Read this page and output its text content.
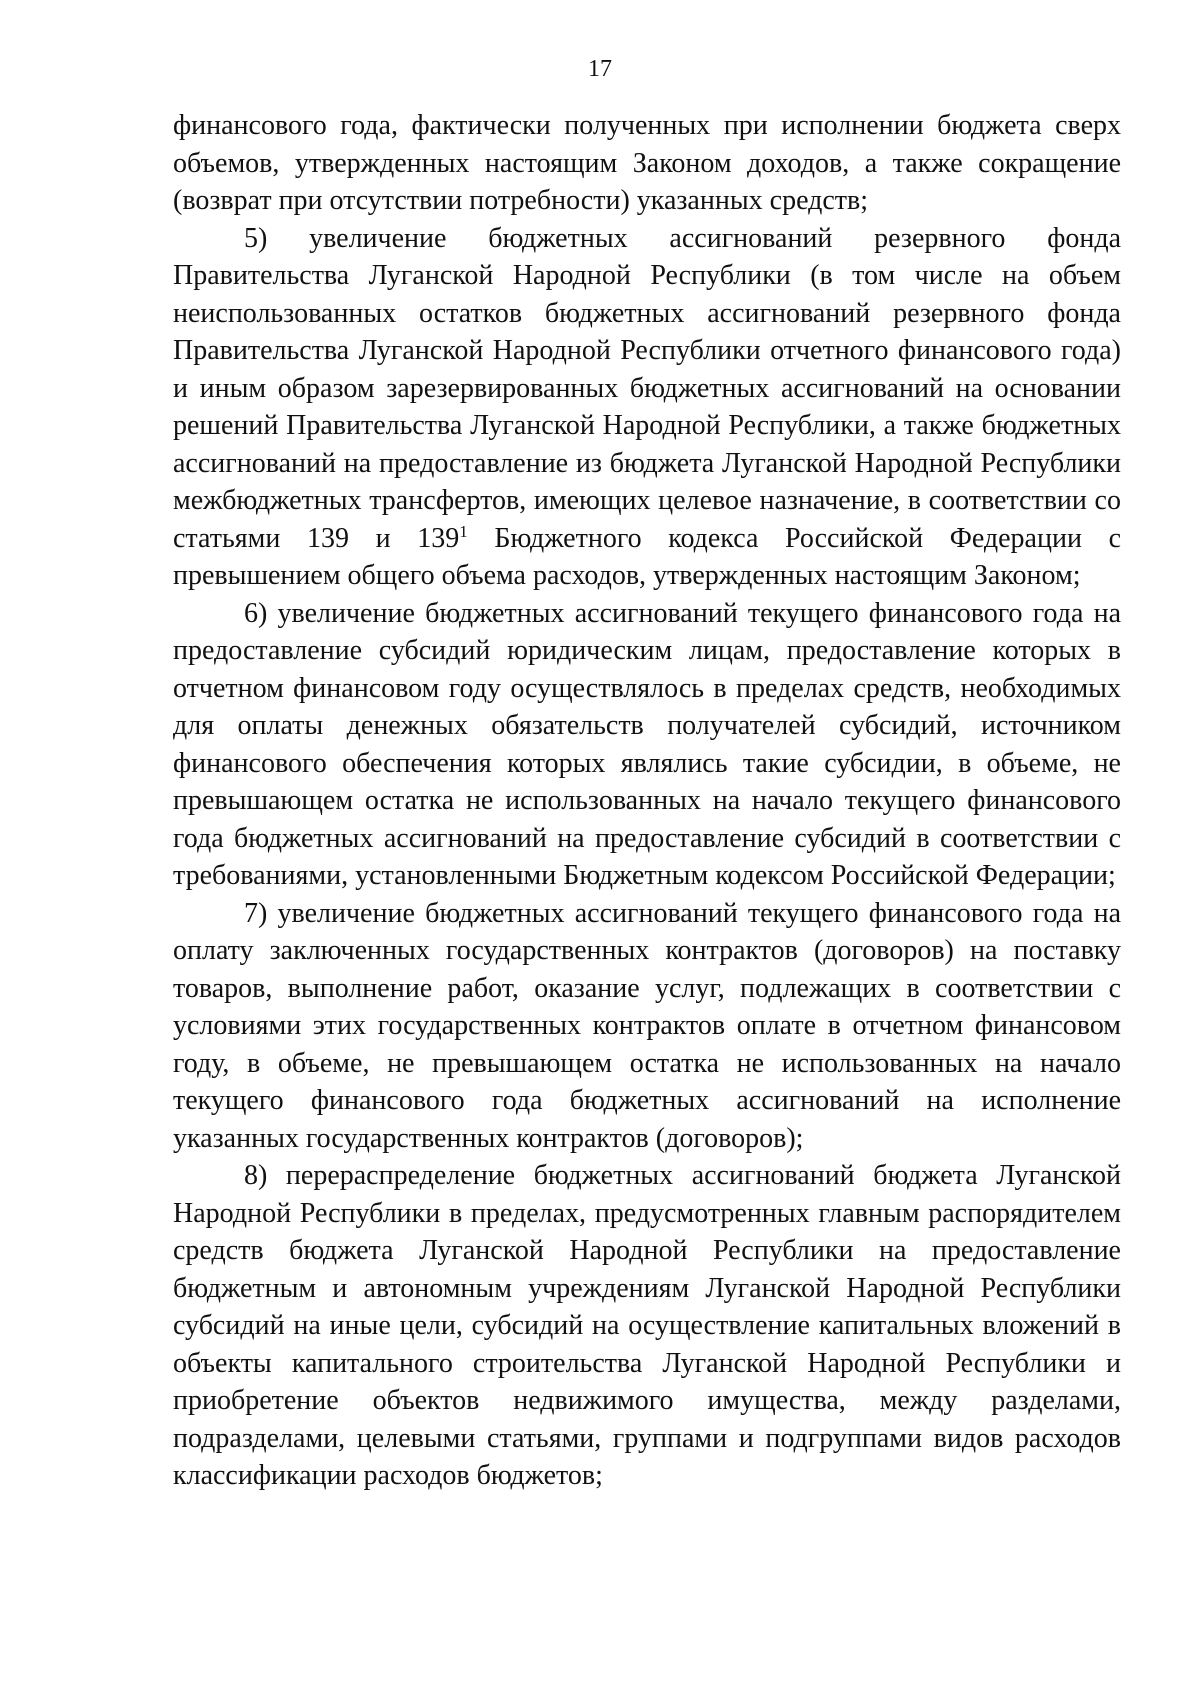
17

финансового года, фактически полученных при исполнении бюджета сверх объемов, утвержденных настоящим Законом доходов, а также сокращение (возврат при отсутствии потребности) указанных средств;

5) увеличение бюджетных ассигнований резервного фонда Правительства Луганской Народной Республики (в том числе на объем неиспользованных остатков бюджетных ассигнований резервного фонда Правительства Луганской Народной Республики отчетного финансового года) и иным образом зарезервированных бюджетных ассигнований на основании решений Правительства Луганской Народной Республики, а также бюджетных ассигнований на предоставление из бюджета Луганской Народной Республики межбюджетных трансфертов, имеющих целевое назначение, в соответствии со статьями 139 и $139^1$ Бюджетного кодекса Российской Федерации с превышением общего объема расходов, утвержденных настоящим Законом;

6) увеличение бюджетных ассигнований текущего финансового года на предоставление субсидий юридическим лицам, предоставление которых в отчетном финансовом году осуществлялось в пределах средств, необходимых для оплаты денежных обязательств получателей субсидий, источником финансового обеспечения которых являлись такие субсидии, в объеме, не превышающем остатка не использованных на начало текущего финансового года бюджетных ассигнований на предоставление субсидий в соответствии с требованиями, установленными Бюджетным кодексом Российской Федерации;

7) увеличение бюджетных ассигнований текущего финансового года на оплату заключенных государственных контрактов (договоров) на поставку товаров, выполнение работ, оказание услуг, подлежащих в соответствии с условиями этих государственных контрактов оплате в отчетном финансовом году, в объеме, не превышающем остатка не использованных на начало текущего финансового года бюджетных ассигнований на исполнение указанных государственных контрактов (договоров);

8) перераспределение бюджетных ассигнований бюджета Луганской Народной Республики в пределах, предусмотренных главным распорядителем средств бюджета Луганской Народной Республики на предоставление бюджетным и автономным учреждениям Луганской Народной Республики субсидий на иные цели, субсидий на осуществление капитальных вложений в объекты капитального строительства Луганской Народной Республики и приобретение объектов недвижимого имущества, между разделами, подразделами, целевыми статьями, группами и подгруппами видов расходов классификации расходов бюджетов;
